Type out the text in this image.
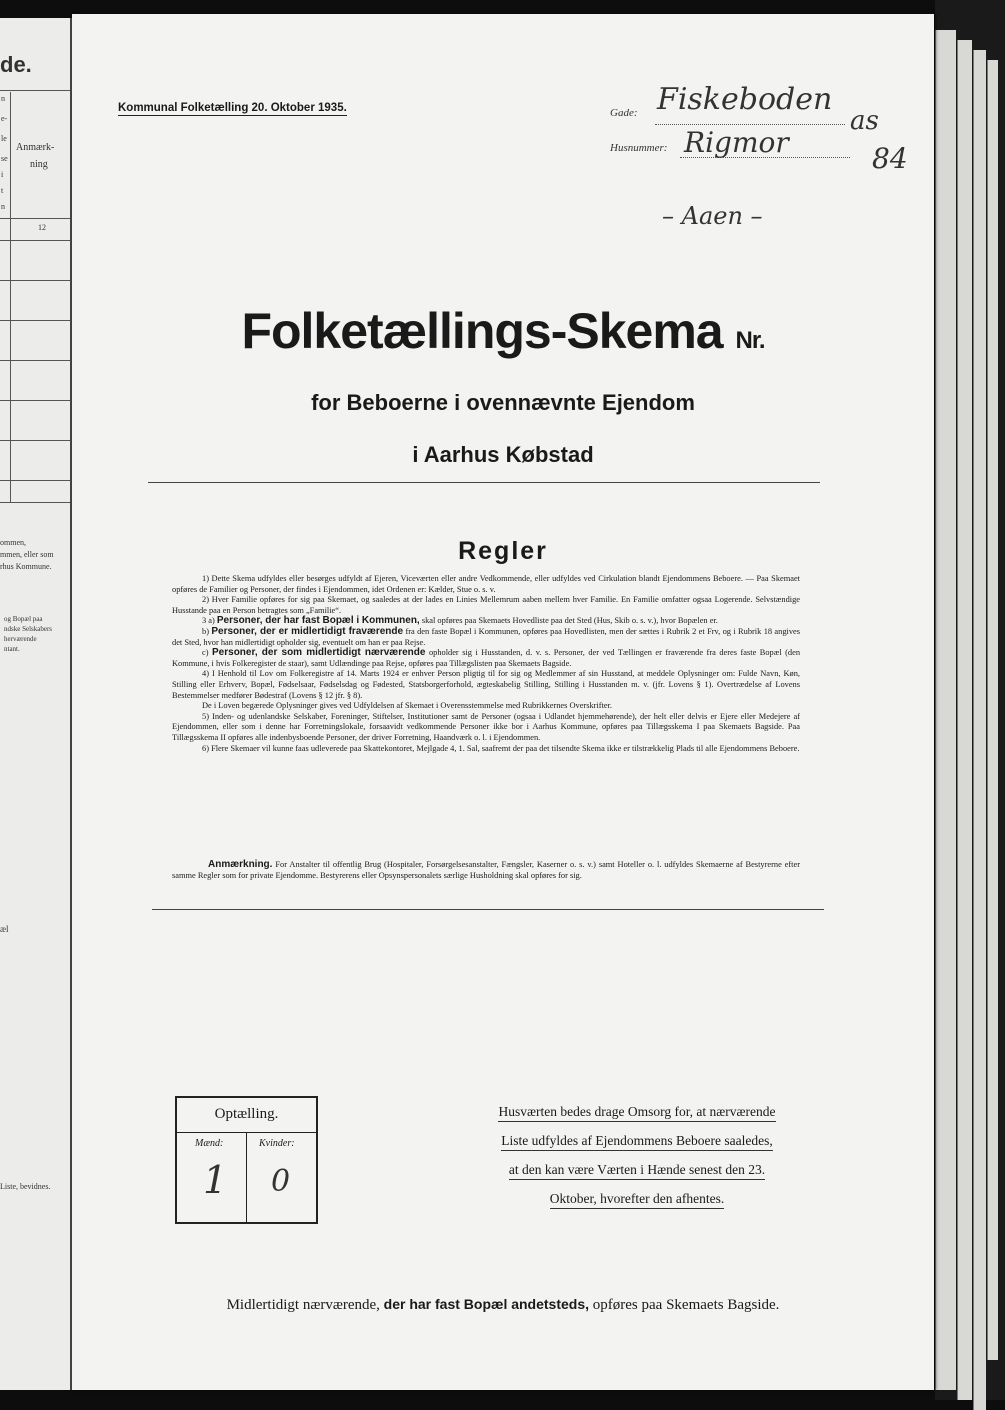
de.
n
e-
le
se
i
t
n
Anmærk-
ning
12
ommen,
mmen, eller som
rhus Kommune.
og Bopæl paa
ndske Selskabers
herværende
ntant.
æl
Liste, bevidnes.
Kommunal Folketælling 20. Oktober 1935.	Gade: Fiskeboden
as
Husnummer: Rigmor	84
– Aaen –
Folketællings-Skema Nr.
for Beboerne i ovennævnte Ejendom
i Aarhus Købstad
Regler

1) Dette Skema udfyldes eller besørges udfyldt af Ejeren, Viceværten eller andre Vedkommende, eller udfyldes ved Cirkulation blandt Ejendommens Beboere. — Paa Skemaet opføres de Familier og Personer, der findes i Ejendommen, idet Ordenen er: Kælder, Stue o. s. v.

2) Hver Familie opføres for sig paa Skemaet, og saaledes at der lades en Linies Mellemrum aaben mellem hver Familie. En Familie omfatter ogsaa Logerende. Selvstændige Husstande paa en Person betragtes som „Familie“.

3 a) Personer, der har fast Bopæl i Kommunen, skal opføres paa Skemaets Hovedliste paa det Sted (Hus, Skib o. s. v.), hvor Bopælen er.

b) Personer, der er midlertidigt fraværende fra den faste Bopæl i Kommunen, opføres paa Hovedlisten, men der sættes i Rubrik 2 et Frv, og i Rubrik 18 angives det Sted, hvor han midlertidigt opholder sig, eventuelt om han er paa Rejse.

c) Personer, der som midlertidigt nærværende opholder sig i Husstanden, d. v. s. Personer, der ved Tællingen er fraværende fra deres faste Bopæl (den Kommune, i hvis Folkeregister de staar), samt Udlændinge paa Rejse, opføres paa Tillægslisten paa Skemaets Bagside.

4) I Henhold til Lov om Folkeregistre af 14. Marts 1924 er enhver Person pligtig til for sig og Medlemmer af sin Husstand, at meddele Oplysninger om: Fulde Navn, Køn, Stilling eller Erhverv, Bopæl, Fødselsaar, Fødselsdag og Fødested, Statsborgerforhold, ægteskabelig Stilling, Stilling i Husstanden m. v. (jfr. Lovens § 1). Overtrædelse af Lovens Bestemmelser medfører Bødestraf (Lovens § 12 jfr. § 8).

De i Loven begærede Oplysninger gives ved Udfyldelsen af Skemaet i Overensstemmelse med Rubrikkernes Overskrifter.

5) Inden- og udenlandske Selskaber, Foreninger, Stiftelser, Institutioner samt de Personer (ogsaa i Udlandet hjemmehørende), der helt eller delvis er Ejere eller Medejere af Ejendommen, eller som i denne har Forretningslokale, forsaavidt vedkommende Personer ikke bor i Aarhus Kommune, opføres paa Tillægsskema I paa Skemaets Bagside. Paa Tillægsskema II opføres alle indenbysboende Personer, der driver Forretning, Haandværk o. l. i Ejendommen.

6) Flere Skemaer vil kunne faas udleverede paa Skattekontoret, Mejlgade 4, 1. Sal, saafremt der paa det tilsendte Skema ikke er tilstrækkelig Plads til alle Ejendommens Beboere.

Anmærkning. For Anstalter til offentlig Brug (Hospitaler, Forsørgelsesanstalter, Fængsler, Kaserner o. s. v.) samt Hoteller o. l. udfyldes Skemaerne af Bestyrerne efter samme Regler som for private Ejendomme. Bestyrerens eller Opsynspersonalets særlige Husholdning skal opføres for sig.

Optælling.
Mænd:	Kvinder:
1 0
Husværten bedes drage Omsorg for, at nærværende
Liste udfyldes af Ejendommens Beboere saaledes,
at den kan være Værten i Hænde senest den 23.
Oktober, hvorefter den afhentes.
Midlertidigt nærværende, der har fast Bopæl andetsteds, opføres paa Skemaets Bagside.
